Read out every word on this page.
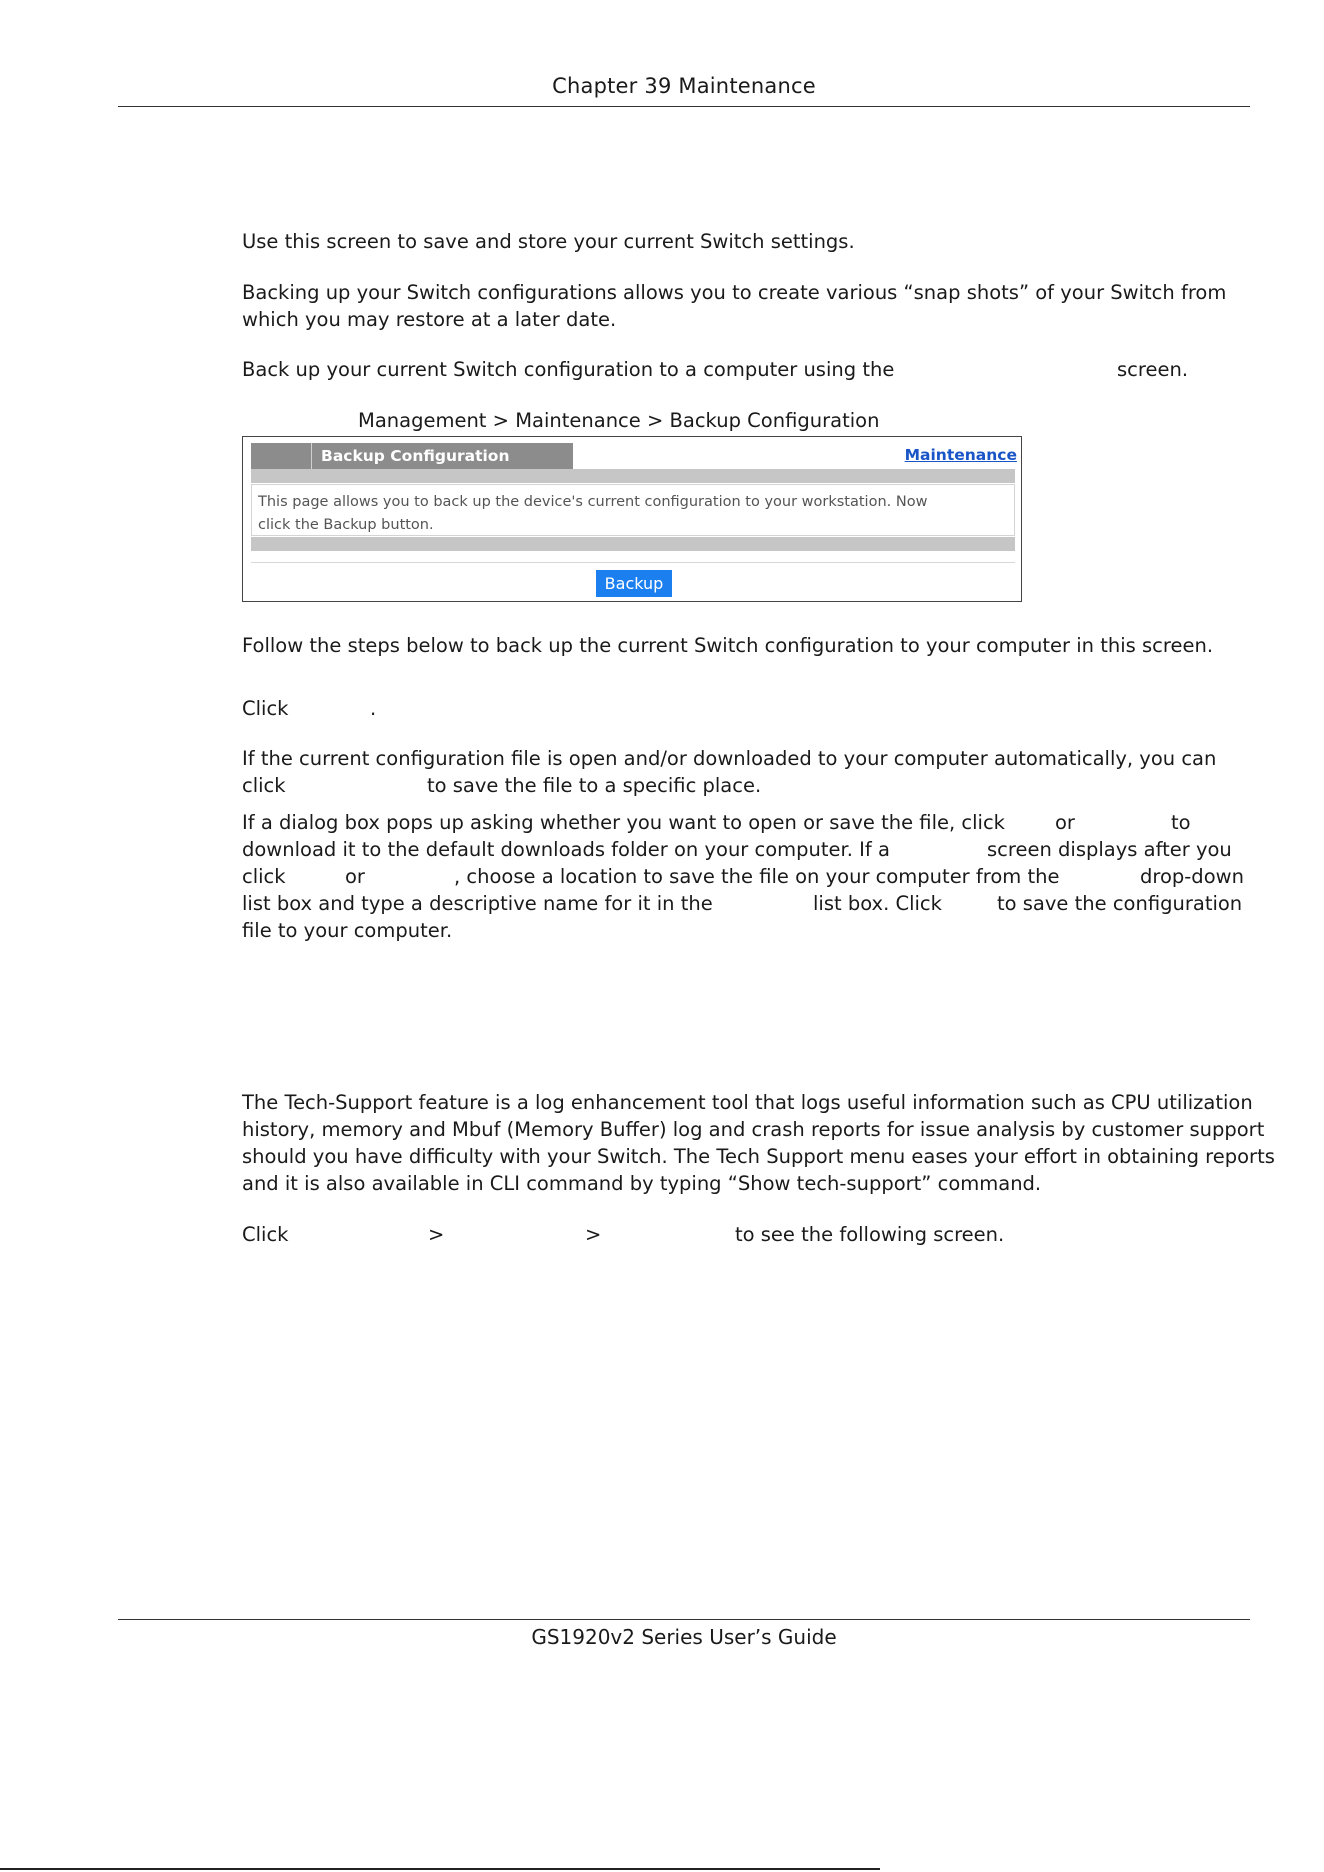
Chapter 39 Maintenance
Use this screen to save and store your current Switch settings.
Backing up your Switch configurations allows you to create various “snap shots” of your Switch from
which you may restore at a later date.
Back up your current Switch configuration to a computer using the	screen.
Management > Maintenance > Backup Configuration
Backup Configuration	Maintenance
This page allows you to back up the device's current configuration to your workstation. Now
click the Backup button.
Backup
Follow the steps below to back up the current Switch configuration to your computer in this screen.
Click	.
If the current configuration file is open and/or downloaded to your computer automatically, you can
click	to save the file to a specific place.
If a dialog box pops up asking whether you want to open or save the file, click	or	to
download it to the default downloads folder on your computer. If a	screen displays after you
click	or	, choose a location to save the file on your computer from the	drop-down
list box and type a descriptive name for it in the	list box. Click	to save the configuration
file to your computer.
The Tech-Support feature is a log enhancement tool that logs useful information such as CPU utilization
history, memory and Mbuf (Memory Buffer) log and crash reports for issue analysis by customer support
should you have difficulty with your Switch. The Tech Support menu eases your effort in obtaining reports
and it is also available in CLI command by typing “Show tech-support” command.
Click	>	>	to see the following screen.
GS1920v2 Series User’s Guide
